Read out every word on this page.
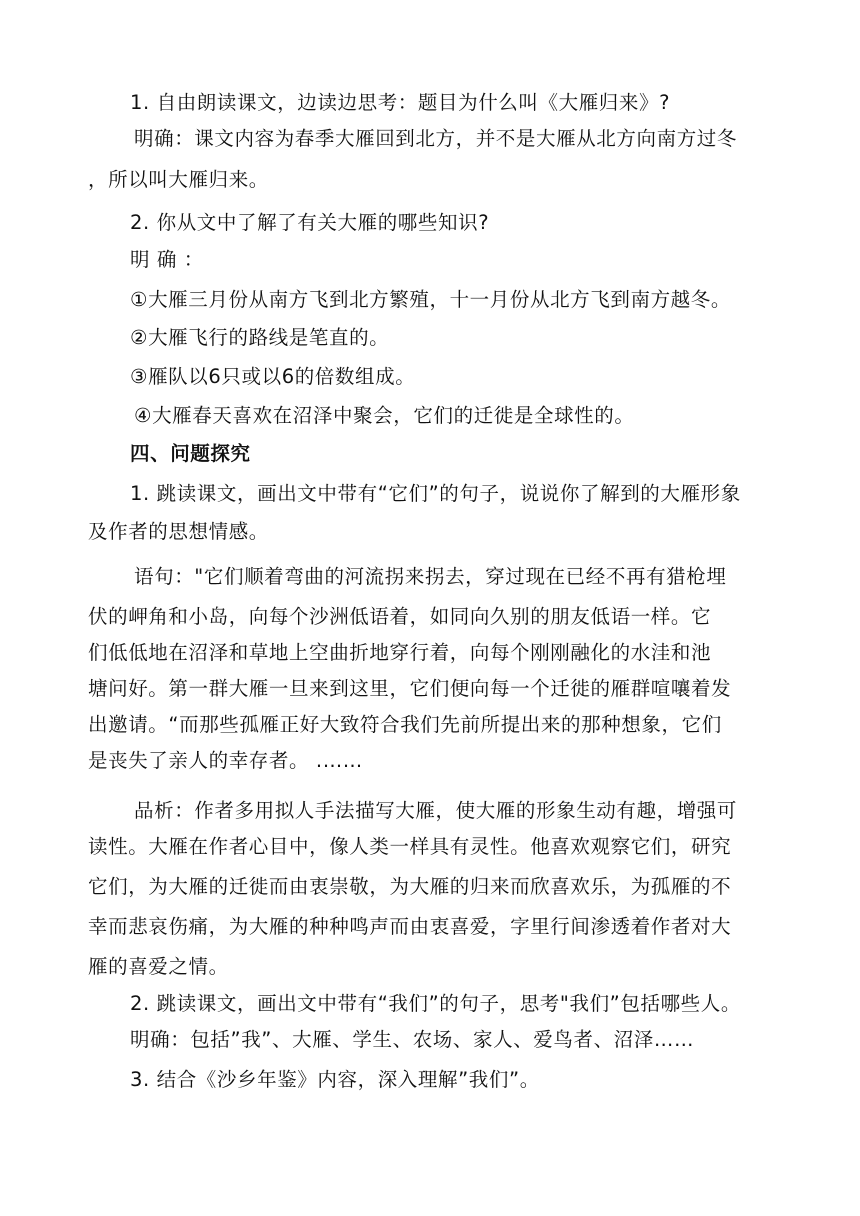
1. 自由朗读课文，边读边思考：题目为什么叫《大雁归来》?
明确：课文内容为春季大雁回到北方，并不是大雁从北方向南方过冬
，所以叫大雁归来。
2. 你从文中了解了有关大雁的哪些知识?
明 确 ：
①大雁三月份从南方飞到北方繁殖，十一月份从北方飞到南方越冬。
②大雁飞行的路线是笔直的。
③雁队以6只或以6的倍数组成。
④大雁春天喜欢在沼泽中聚会，它们的迁徙是全球性的。
四、问题探究
1. 跳读课文，画出文中带有“它们”的句子，说说你了解到的大雁形象
及作者的思想情感。
语句："它们顺着弯曲的河流拐来拐去，穿过现在已经不再有猎枪埋
伏的岬角和小岛，向每个沙洲低语着，如同向久别的朋友低语一样。它
们低低地在沼泽和草地上空曲折地穿行着，向每个刚刚融化的水洼和池
塘问好。第一群大雁一旦来到这里，它们便向每一个迁徙的雁群喧嚷着发
出邀请。“而那些孤雁正好大致符合我们先前所提出来的那种想象，它们
是丧失了亲人的幸存者。 .……
品析：作者多用拟人手法描写大雁，使大雁的形象生动有趣，增强可
读性。大雁在作者心目中，像人类一样具有灵性。他喜欢观察它们，研究
它们，为大雁的迁徙而由衷崇敬，为大雁的归来而欣喜欢乐，为孤雁的不
幸而悲哀伤痛，为大雁的种种鸣声而由衷喜爱，字里行间渗透着作者对大
雁的喜爱之情。
2. 跳读课文，画出文中带有“我们”的句子，思考"我们”包括哪些人。
明确：包括”我”、大雁、学生、农场、家人、爱鸟者、沼泽……
3. 结合《沙乡年鉴》内容，深入理解”我们”。
